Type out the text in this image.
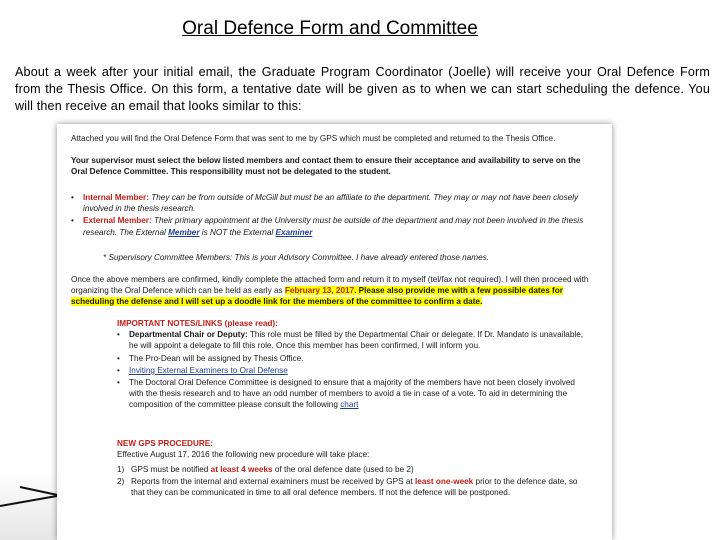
Oral Defence Form and Committee
About a week after your initial email, the Graduate Program Coordinator (Joelle) will receive your Oral Defence Form from the Thesis Office. On this form, a tentative date will be given as to when we can start scheduling the defence. You will then receive an email that looks similar to this:

Attached you will find the Oral Defence Form that was sent to me by GPS which must be completed and returned to the Thesis Office.

Your supervisor must select the below listed members and contact them to ensure their acceptance and availability to serve on the Oral Defence Committee. This responsibility must not be delegated to the student.

•	Internal Member: They can be from outside of McGill but must be an affiliate to the department. They may or may not have been closely involved in the thesis research.
•	External Member: Their primary appointment at the University must be outside of the department and may not been involved in the thesis research. The External Member is NOT the External Examiner

* Supervisory Committee Members: This is your Advisory Committee. I have already entered those names.

Once the above members are confirmed, kindly complete the attached form and return it to myself (tel/fax not required). I will then proceed with organizing the Oral Defence which can be held as early as February 13, 2017. Please also provide me with a few possible dates for scheduling the defense and I will set up a doodle link for the members of the committee to confirm a date.

IMPORTANT NOTES/LINKS (please read):

•	Departmental Chair or Deputy: This role must be filled by the Departmental Chair or delegate. If Dr. Mandato is unavailable, he will appoint a delegate to fill this role. Once this member has been confirmed, I will inform you.
•	The Pro-Dean will be assigned by Thesis Office.
•	Inviting External Examiners to Oral Defense
•	The Doctoral Oral Defence Committee is designed to ensure that a majority of the members have not been closely involved with the thesis research and to have an odd number of members to avoid a tie in case of a vote. To aid in determining the composition of the committee please consult the following chart

NEW GPS PROCEDURE:

Effective August 17, 2016 the following new procedure will take place:

1) GPS must be notified at least 4 weeks of the oral defence date (used to be 2)
2) Reports from the internal and external examiners must be received by GPS at least one-week prior to the defence date, so that they can be communicated in time to all oral defence members. If not the defence will be postponed.
